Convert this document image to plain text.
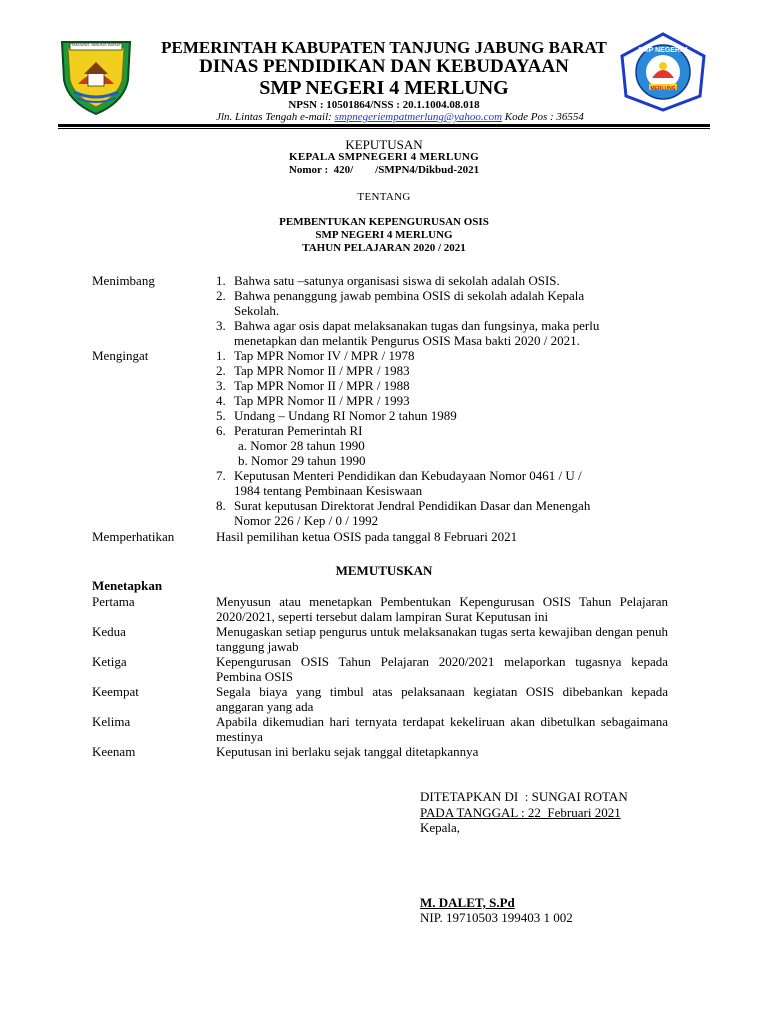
TANJUNG JABUNG BARAT	PEMERINTAH KABUPATEN TANJUNG JABUNG BARAT
DINAS PENDIDIKAN DAN KEBUDAYAAN
SMP NEGERI 4 MERLUNG
NPSN : 10501864/NSS : 20.1.1004.08.018
Jln. Lintas Tengah e-mail: smpnegeriempatmerlung@yahoo.com Kode Pos : 36554
SMP NEGERI 4
MERLUNG
KEPUTUSAN
KEPALA SMPNEGERI 4 MERLUNG
Nomor :  420/        /SMPN4/Dikbud-2021
TENTANG
PEMBENTUKAN KEPENGURUSAN OSIS
SMP NEGERI 4 MERLUNG
TAHUN PELAJARAN 2020 / 2021
Menimbang	1. Bahwa satu –satunya organisasi siswa di sekolah adalah OSIS.
2. Bahwa penanggung jawab pembina OSIS di sekolah adalah Kepala
Sekolah.
3. Bahwa agar osis dapat melaksanakan tugas dan fungsinya, maka perlu
menetapkan dan melantik Pengurus OSIS Masa bakti 2020 / 2021.
Mengingat	1. Tap MPR Nomor IV / MPR / 1978
2. Tap MPR Nomor II / MPR / 1983
3. Tap MPR Nomor II / MPR / 1988
4. Tap MPR Nomor II / MPR / 1993
5. Undang – Undang RI Nomor 2 tahun 1989
6. Peraturan Pemerintah RI
a. Nomor 28 tahun 1990
b. Nomor 29 tahun 1990
7. Keputusan Menteri Pendidikan dan Kebudayaan Nomor 0461 / U /
1984 tentang Pembinaan Kesiswaan
8. Surat keputusan Direktorat Jendral Pendidikan Dasar dan Menengah
Nomor 226 / Kep / 0 / 1992
Memperhatikan	Hasil pemilihan ketua OSIS pada tanggal 8 Februari 2021
MEMUTUSKAN
Menetapkan
Pertama	Menyusun atau menetapkan Pembentukan Kepengurusan OSIS Tahun Pelajaran 2020/2021, seperti tersebut dalam lampiran Surat Keputusan ini
Kedua	Menugaskan setiap pengurus untuk melaksanakan tugas serta kewajiban dengan penuh tanggung jawab
Ketiga	Kepengurusan OSIS Tahun Pelajaran 2020/2021 melaporkan tugasnya kepada Pembina OSIS
Keempat	Segala biaya yang timbul atas pelaksanaan kegiatan OSIS dibebankan kepada anggaran yang ada
Kelima	Apabila dikemudian hari ternyata terdapat kekeliruan akan dibetulkan sebagaimana mestinya
Keenam	Keputusan ini berlaku sejak tanggal ditetapkannya
DITETAPKAN DI  : SUNGAI ROTAN
PADA TANGGAL : 22  Februari 2021
Kepala,
M. DALET, S.Pd
NIP. 19710503 199403 1 002
